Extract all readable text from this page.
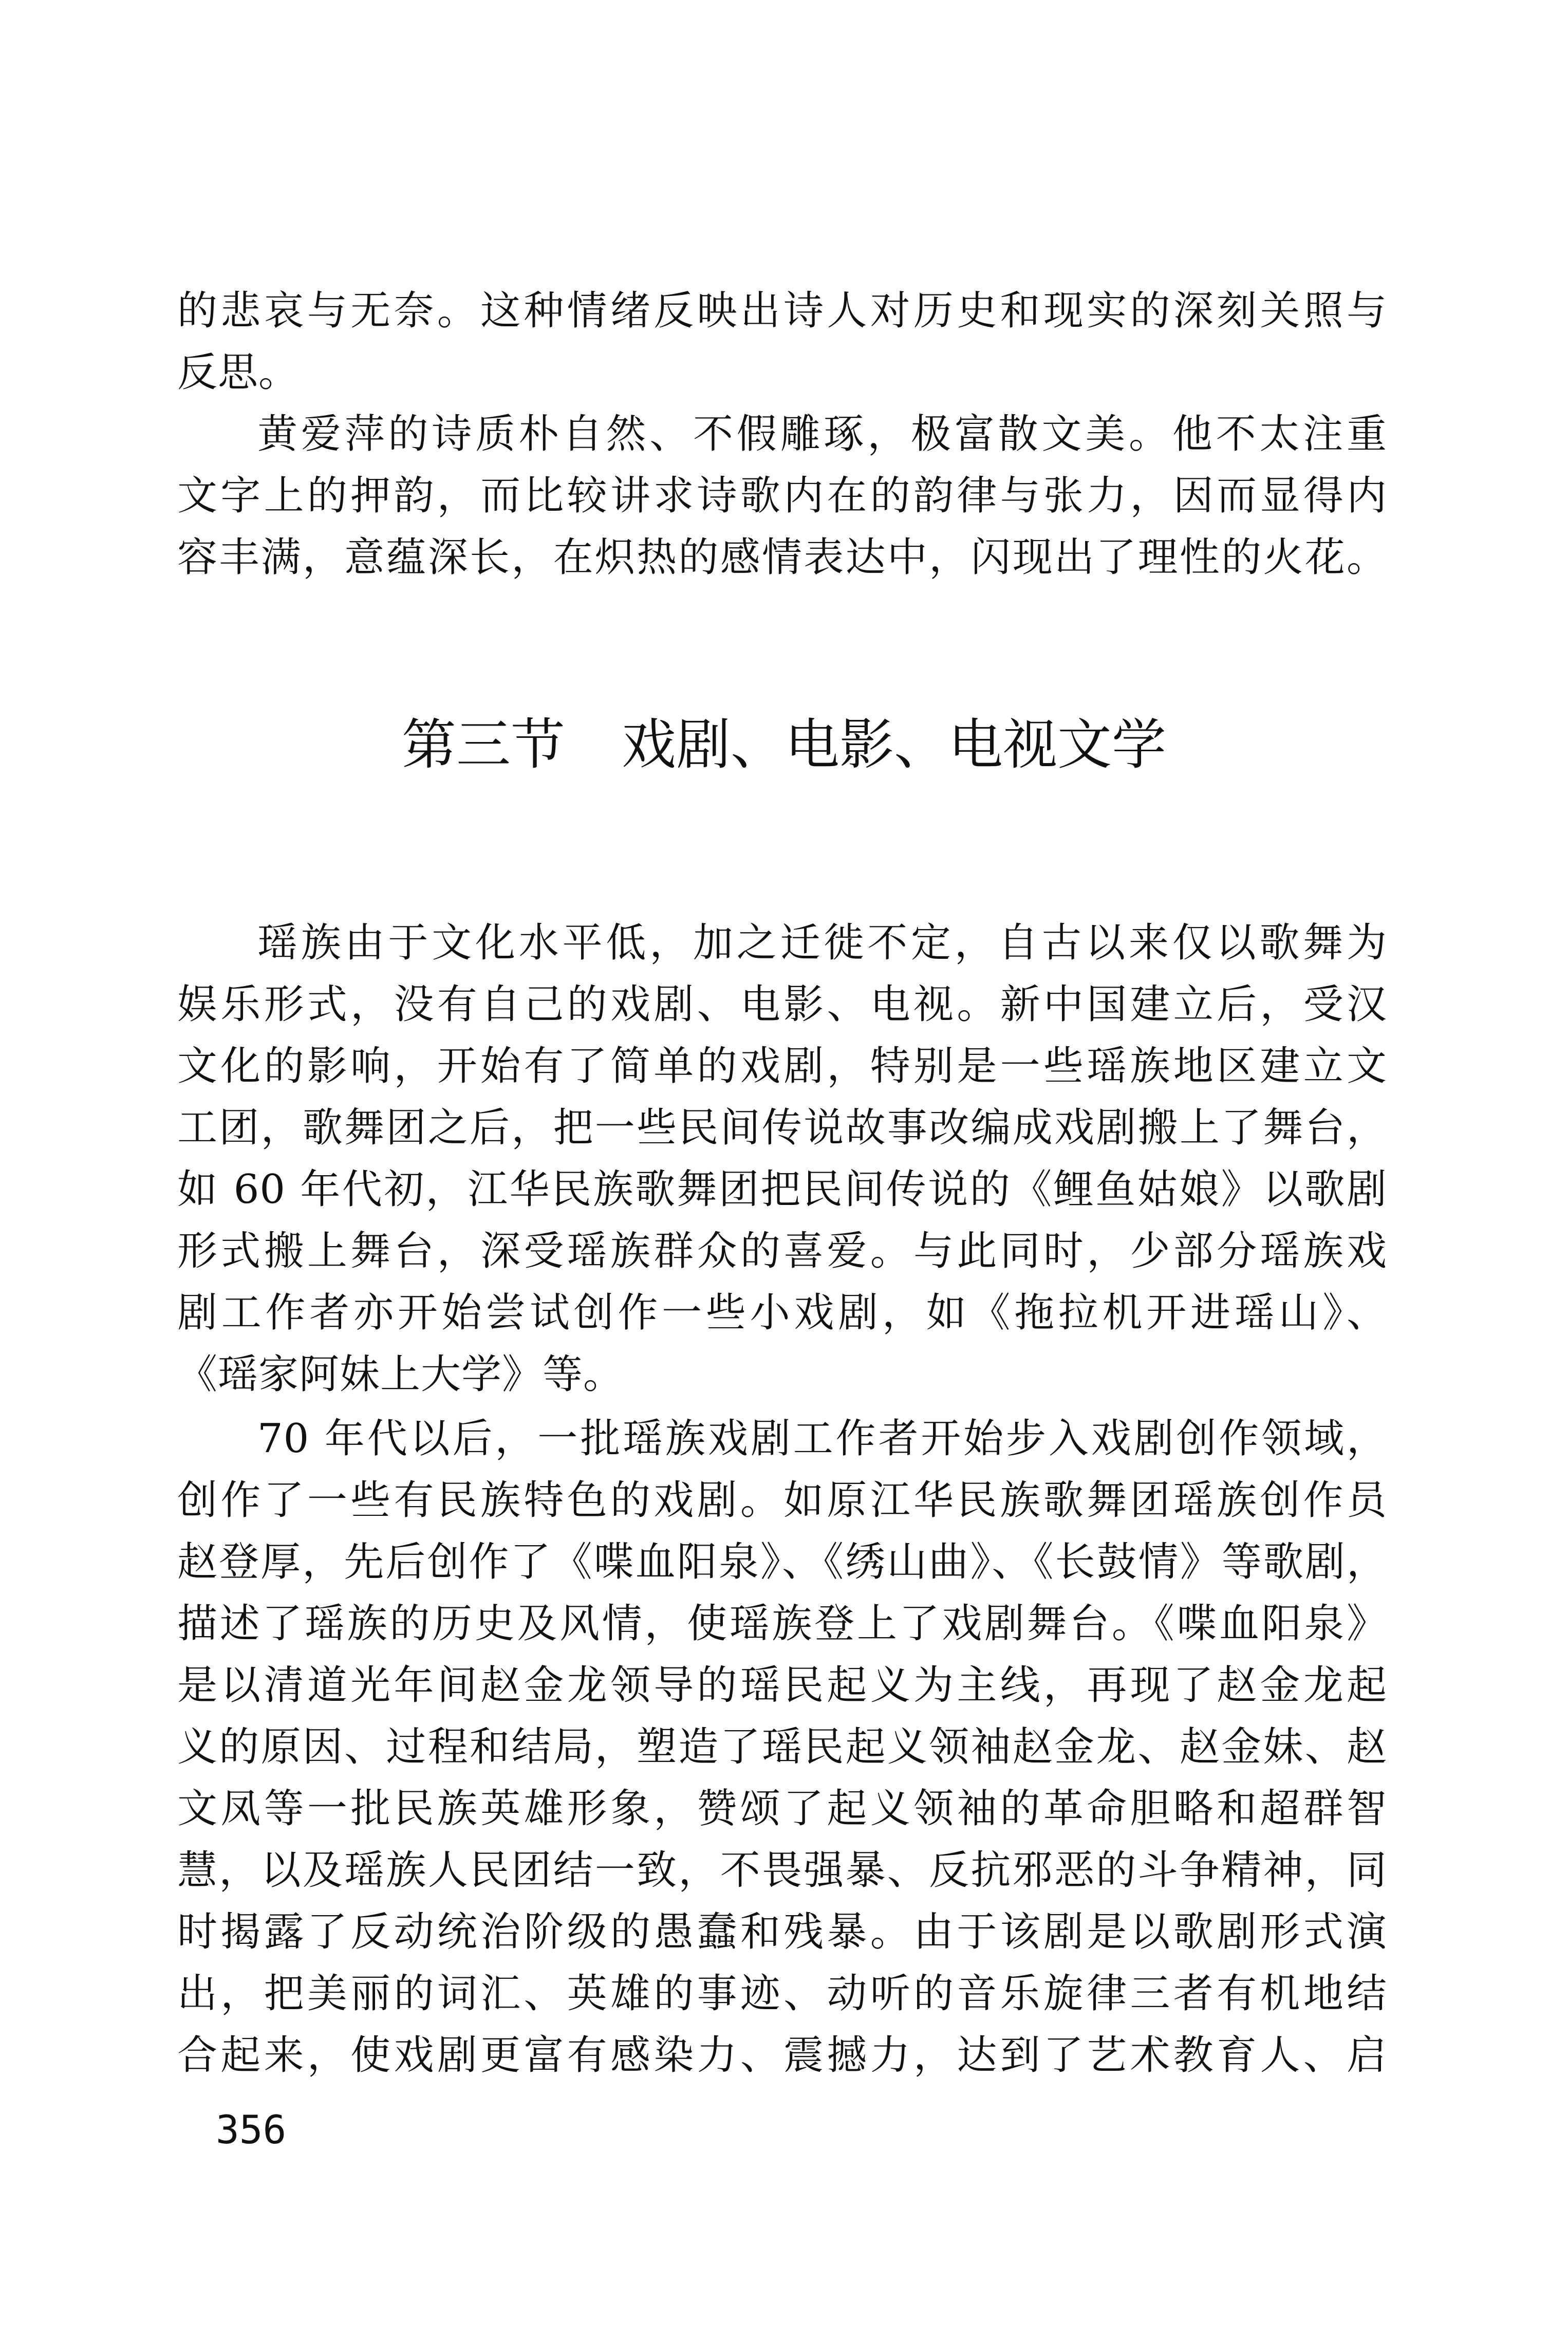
的悲哀与无奈。这种情绪反映出诗人对历史和现实的深刻关照与
反思。
黄爱萍的诗质朴自然、不假雕琢，极富散文美。他不太注重
文字上的押韵，而比较讲求诗歌内在的韵律与张力，因而显得内
容丰满，意蕴深长，在炽热的感情表达中，闪现出了理性的火花。
第三节 戏剧、电影、电视文学
瑶族由于文化水平低，加之迁徙不定，自古以来仅以歌舞为
娱乐形式，没有自己的戏剧、电影、电视。新中国建立后，受汉
文化的影响，开始有了简单的戏剧，特别是一些瑶族地区建立文
工团，歌舞团之后，把一些民间传说故事改编成戏剧搬上了舞台，
如 60 年代初，江华民族歌舞团把民间传说的《鲤鱼姑娘》以歌剧
形式搬上舞台，深受瑶族群众的喜爱。与此同时，少部分瑶族戏
剧工作者亦开始尝试创作一些小戏剧，如《拖拉机开进瑶山》、
《瑶家阿妹上大学》等。
70 年代以后，一批瑶族戏剧工作者开始步入戏剧创作领域，
创作了一些有民族特色的戏剧。如原江华民族歌舞团瑶族创作员
赵登厚，先后创作了《喋血阳泉》、《绣山曲》、《长鼓情》等歌剧，
描述了瑶族的历史及风情，使瑶族登上了戏剧舞台。《喋血阳泉》
是以清道光年间赵金龙领导的瑶民起义为主线，再现了赵金龙起
义的原因、过程和结局，塑造了瑶民起义领袖赵金龙、赵金妹、赵
文凤等一批民族英雄形象，赞颂了起义领袖的革命胆略和超群智
慧，以及瑶族人民团结一致，不畏强暴、反抗邪恶的斗争精神，同
时揭露了反动统治阶级的愚蠢和残暴。由于该剧是以歌剧形式演
出，把美丽的词汇、英雄的事迹、动听的音乐旋律三者有机地结
合起来，使戏剧更富有感染力、震撼力，达到了艺术教育人、启
356
